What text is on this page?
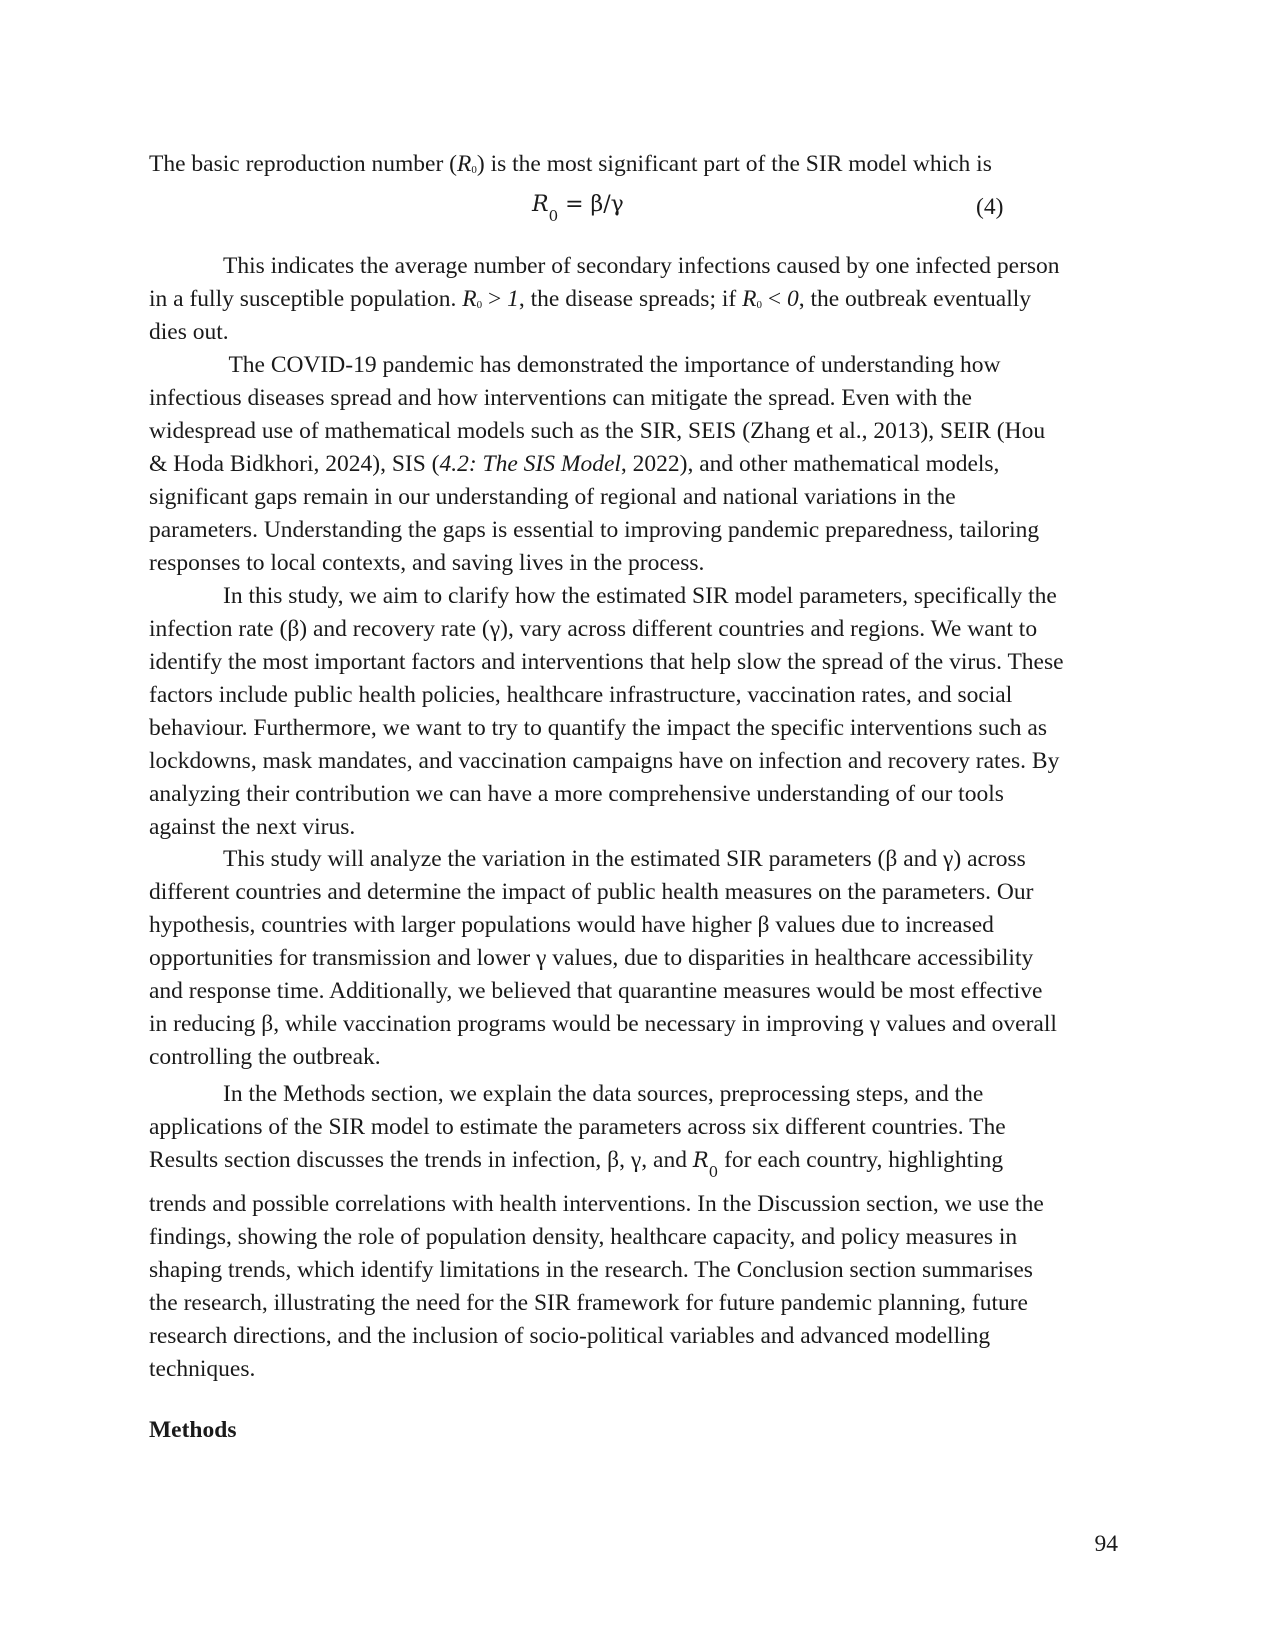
The basic reproduction number (R0) is the most significant part of the SIR model which is
$R_0 = \beta/\gamma$	(4)
This indicates the average number of secondary infections caused by one infected person
in a fully susceptible population. R0 > 1, the disease spreads; if R0 < 0, the outbreak eventually
dies out.
The COVID-19 pandemic has demonstrated the importance of understanding how
infectious diseases spread and how interventions can mitigate the spread. Even with the
widespread use of mathematical models such as the SIR, SEIS (Zhang et al., 2013), SEIR (Hou
& Hoda Bidkhori, 2024), SIS (4.2: The SIS Model, 2022), and other mathematical models,
significant gaps remain in our understanding of regional and national variations in the
parameters. Understanding the gaps is essential to improving pandemic preparedness, tailoring
responses to local contexts, and saving lives in the process.
In this study, we aim to clarify how the estimated SIR model parameters, specifically the
infection rate (β) and recovery rate (γ), vary across different countries and regions. We want to
identify the most important factors and interventions that help slow the spread of the virus. These
factors include public health policies, healthcare infrastructure, vaccination rates, and social
behaviour. Furthermore, we want to try to quantify the impact the specific interventions such as
lockdowns, mask mandates, and vaccination campaigns have on infection and recovery rates. By
analyzing their contribution we can have a more comprehensive understanding of our tools
against the next virus.
This study will analyze the variation in the estimated SIR parameters (β and γ) across
different countries and determine the impact of public health measures on the parameters. Our
hypothesis, countries with larger populations would have higher β values due to increased
opportunities for transmission and lower γ values, due to disparities in healthcare accessibility
and response time. Additionally, we believed that quarantine measures would be most effective
in reducing β, while vaccination programs would be necessary in improving γ values and overall
controlling the outbreak.
In the Methods section, we explain the data sources, preprocessing steps, and the
applications of the SIR model to estimate the parameters across six different countries. The
Results section discusses the trends in infection, β, γ, and $R_0$ for each country, highlighting
trends and possible correlations with health interventions. In the Discussion section, we use the
findings, showing the role of population density, healthcare capacity, and policy measures in
shaping trends, which identify limitations in the research. The Conclusion section summarises
the research, illustrating the need for the SIR framework for future pandemic planning, future
research directions, and the inclusion of socio-political variables and advanced modelling
techniques.
Methods
94
